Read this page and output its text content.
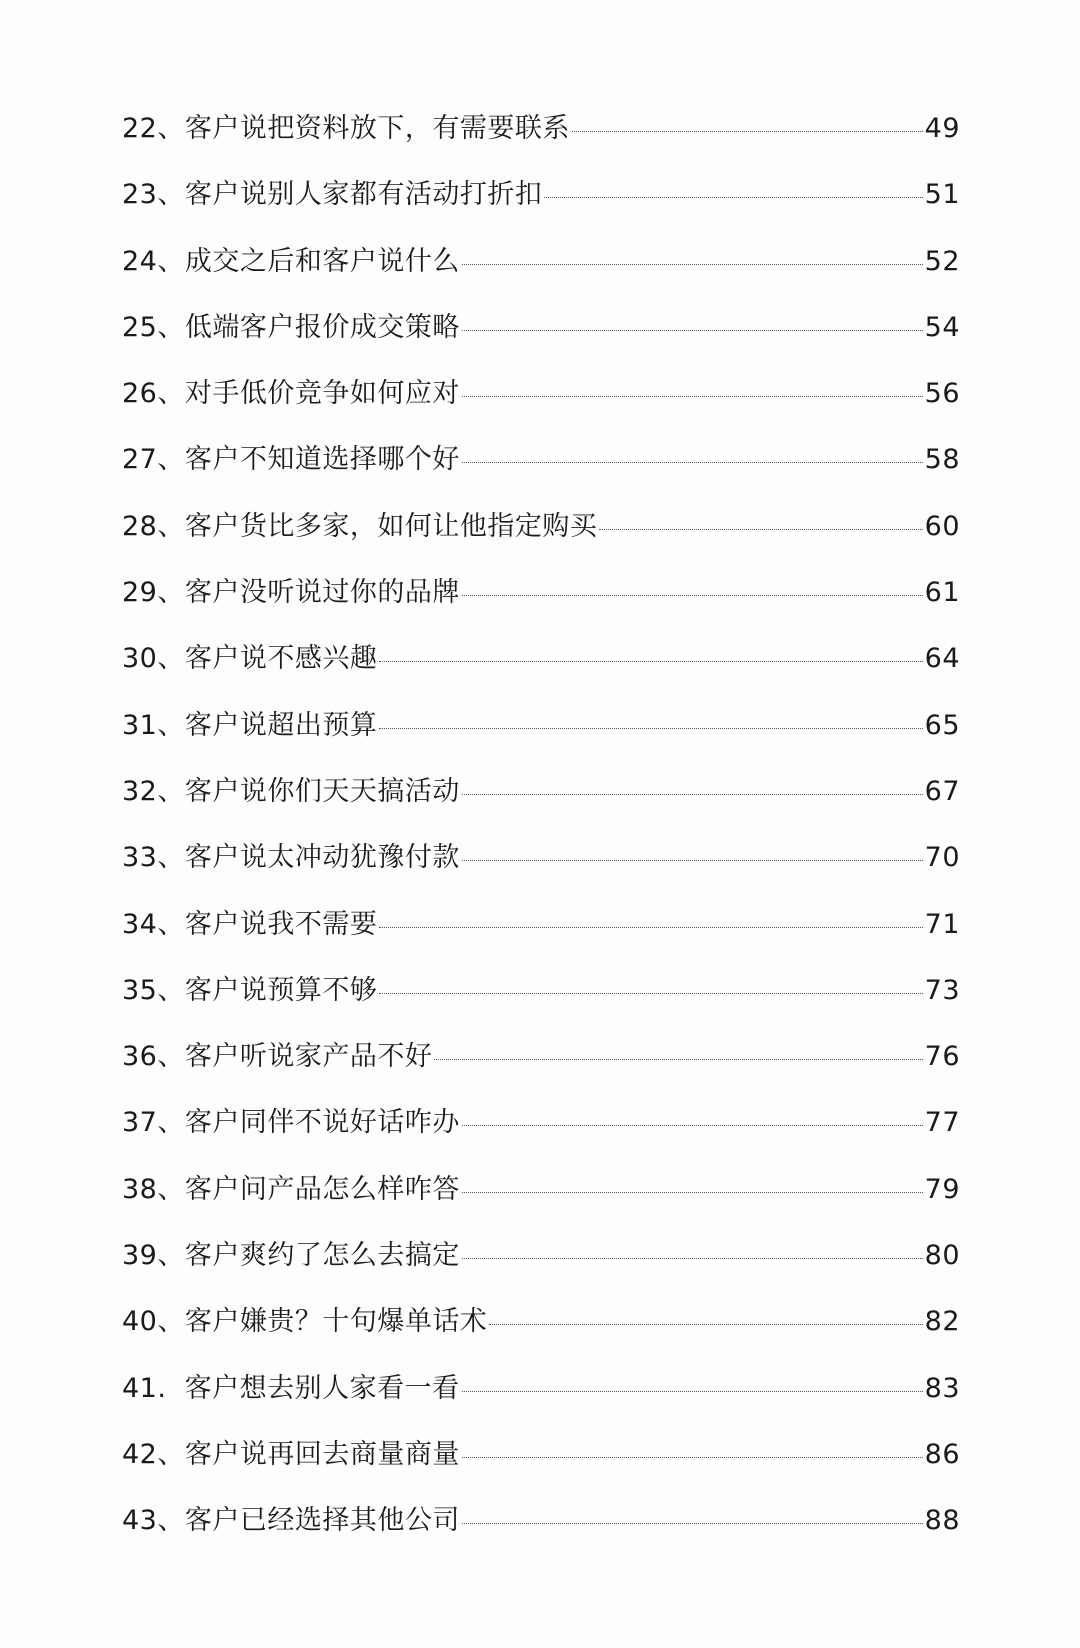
22、 客户说把资料放下，有需要联系	49
23、 客户说别人家都有活动打折扣	51
24、 成交之后和客户说什么	52
25、 低端客户报价成交策略	54
26、 对手低价竞争如何应对	56
27、 客户不知道选择哪个好	58
28、 客户货比多家，如何让他指定购买	60
29、 客户没听说过你的品牌	61
30、 客户说不感兴趣	64
31、 客户说超出预算	65
32、 客户说你们天天搞活动	67
33、 客户说太冲动犹豫付款	70
34、 客户说我不需要	71
35、 客户说预算不够	73
36、 客户听说家产品不好	76
37、 客户同伴不说好话咋办	77
38、 客户问产品怎么样咋答	79
39、 客户爽约了怎么去搞定	80
40、 客户嫌贵？十句爆单话术	82
41. 客户想去别人家看一看	83
42、 客户说再回去商量商量	86
43、 客户已经选择其他公司	88
